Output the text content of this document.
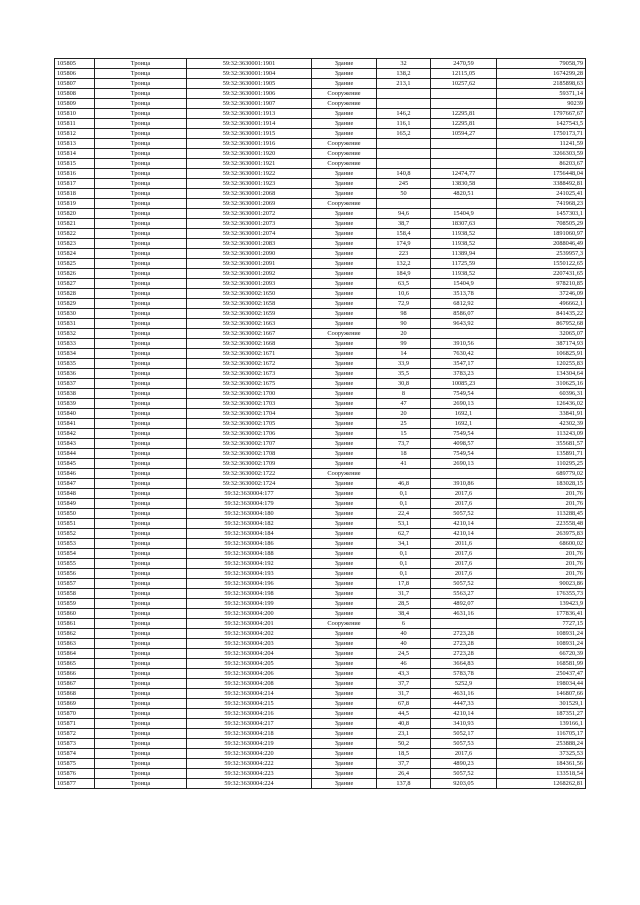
105805	Троица	59:32:3630001:1901	Здание	32	2470,59	79058,79
105806	Троица	59:32:3630001:1904	Здание	138,2	12115,05	1674299,28
105807	Троица	59:32:3630001:1905	Здание	213,1	10257,62	2185898,63
105808	Троица	59:32:3630001:1906	Сооружение			59371,14
105809	Троица	59:32:3630001:1907	Сооружение			90239
105810	Троица	59:32:3630001:1913	Здание	146,2	12295,81	1797667,67
105811	Троица	59:32:3630001:1914	Здание	116,1	12295,81	1427543,5
105812	Троица	59:32:3630001:1915	Здание	165,2	10594,27	1750173,71
105813	Троица	59:32:3630001:1916	Сооружение			11241,59
105814	Троица	59:32:3630001:1920	Сооружение			3266303,59
105815	Троица	59:32:3630001:1921	Сооружение			86203,67
105816	Троица	59:32:3630001:1922	Здание	140,8	12474,77	1756448,04
105817	Троица	59:32:3630001:1923	Здание	245	13830,58	3388492,81
105818	Троица	59:32:3630001:2068	Здание	50	4820,51	241025,41
105819	Троица	59:32:3630001:2069	Сооружение			741968,23
105820	Троица	59:32:3630001:2072	Здание	94,6	15404,9	1457303,1
105821	Троица	59:32:3630001:2073	Здание	38,7	18307,63	708505,29
105822	Троица	59:32:3630001:2074	Здание	158,4	11938,52	1891060,97
105823	Троица	59:32:3630001:2083	Здание	174,9	11938,52	2088046,49
105824	Троица	59:32:3630001:2090	Здание	223	11389,94	2539957,3
105825	Троица	59:32:3630001:2091	Здание	132,2	11725,59	1550122,65
105826	Троица	59:32:3630001:2092	Здание	184,9	11938,52	2207431,65
105827	Троица	59:32:3630001:2093	Здание	63,5	15404,9	978210,85
105828	Троица	59:32:3630002:1650	Здание	10,6	3513,78	37246,09
105829	Троица	59:32:3630002:1658	Здание	72,9	6812,92	496662,1
105830	Троица	59:32:3630002:1659	Здание	98	8586,07	841435,22
105831	Троица	59:32:3630002:1663	Здание	90	9643,92	867952,68
105832	Троица	59:32:3630002:1667	Сооружение	20		32065,07
105833	Троица	59:32:3630002:1668	Здание	99	3910,56	387174,93
105834	Троица	59:32:3630002:1671	Здание	14	7630,42	106825,91
105835	Троица	59:32:3630002:1672	Здание	33,9	3547,17	120255,83
105836	Троица	59:32:3630002:1673	Здание	35,5	3783,23	134304,64
105837	Троица	59:32:3630002:1675	Здание	30,8	10085,23	310625,16
105838	Троица	59:32:3630002:1700	Здание	8	7549,54	60396,31
105839	Троица	59:32:3630002:1703	Здание	47	2690,13	126436,02
105840	Троица	59:32:3630002:1704	Здание	20	1692,1	33841,91
105841	Троица	59:32:3630002:1705	Здание	25	1692,1	42302,39
105842	Троица	59:32:3630002:1706	Здание	15	7549,54	113243,09
105843	Троица	59:32:3630002:1707	Здание	73,7	4098,57	355681,57
105844	Троица	59:32:3630002:1708	Здание	18	7549,54	135891,71
105845	Троица	59:32:3630002:1709	Здание	41	2690,13	110295,25
105846	Троица	59:32:3630002:1722	Сооружение			689779,02
105847	Троица	59:32:3630002:1724	Здание	46,8	3910,86	183028,15
105848	Троица	59:32:3630004:177	Здание	0,1	2017,6	201,76
105849	Троица	59:32:3630004:179	Здание	0,1	2017,6	201,76
105850	Троица	59:32:3630004:180	Здание	22,4	5057,52	113288,45
105851	Троица	59:32:3630004:182	Здание	53,1	4210,14	223558,48
105852	Троица	59:32:3630004:184	Здание	62,7	4210,14	263975,83
105853	Троица	59:32:3630004:186	Здание	34,1	2011,6	68600,02
105854	Троица	59:32:3630004:188	Здание	0,1	2017,6	201,76
105855	Троица	59:32:3630004:192	Здание	0,1	2017,6	201,76
105856	Троица	59:32:3630004:193	Здание	0,1	2017,6	201,76
105857	Троица	59:32:3630004:196	Здание	17,8	5057,52	90023,86
105858	Троица	59:32:3630004:198	Здание	31,7	5563,27	176355,73
105859	Троица	59:32:3630004:199	Здание	28,5	4892,07	139423,9
105860	Троица	59:32:3630004:200	Здание	38,4	4631,16	177836,41
105861	Троица	59:32:3630004:201	Сооружение	6		7727,15
105862	Троица	59:32:3630004:202	Здание	40	2723,28	108931,24
105863	Троица	59:32:3630004:203	Здание	40	2723,28	108931,24
105864	Троица	59:32:3630004:204	Здание	24,5	2723,28	66720,39
105865	Троица	59:32:3630004:205	Здание	46	3664,83	168581,99
105866	Троица	59:32:3630004:206	Здание	43,3	5783,78	250437,47
105867	Троица	59:32:3630004:208	Здание	37,7	5252,9	198034,44
105868	Троица	59:32:3630004:214	Здание	31,7	4631,16	146807,66
105869	Троица	59:32:3630004:215	Здание	67,8	4447,33	301529,1
105870	Троица	59:32:3630004:216	Здание	44,5	4210,14	187351,27
105871	Троица	59:32:3630004:217	Здание	40,8	3410,93	139166,1
105872	Троица	59:32:3630004:218	Здание	23,1	5052,17	116705,17
105873	Троица	59:32:3630004:219	Здание	50,2	5057,53	253888,24
105874	Троица	59:32:3630004:220	Здание	18,5	2017,6	37325,53
105875	Троица	59:32:3630004:222	Здание	37,7	4890,23	184361,56
105876	Троица	59:32:3630004:223	Здание	26,4	5057,52	133518,54
105877	Троица	59:32:3630004:224	Здание	137,8	9203,05	1268262,81
